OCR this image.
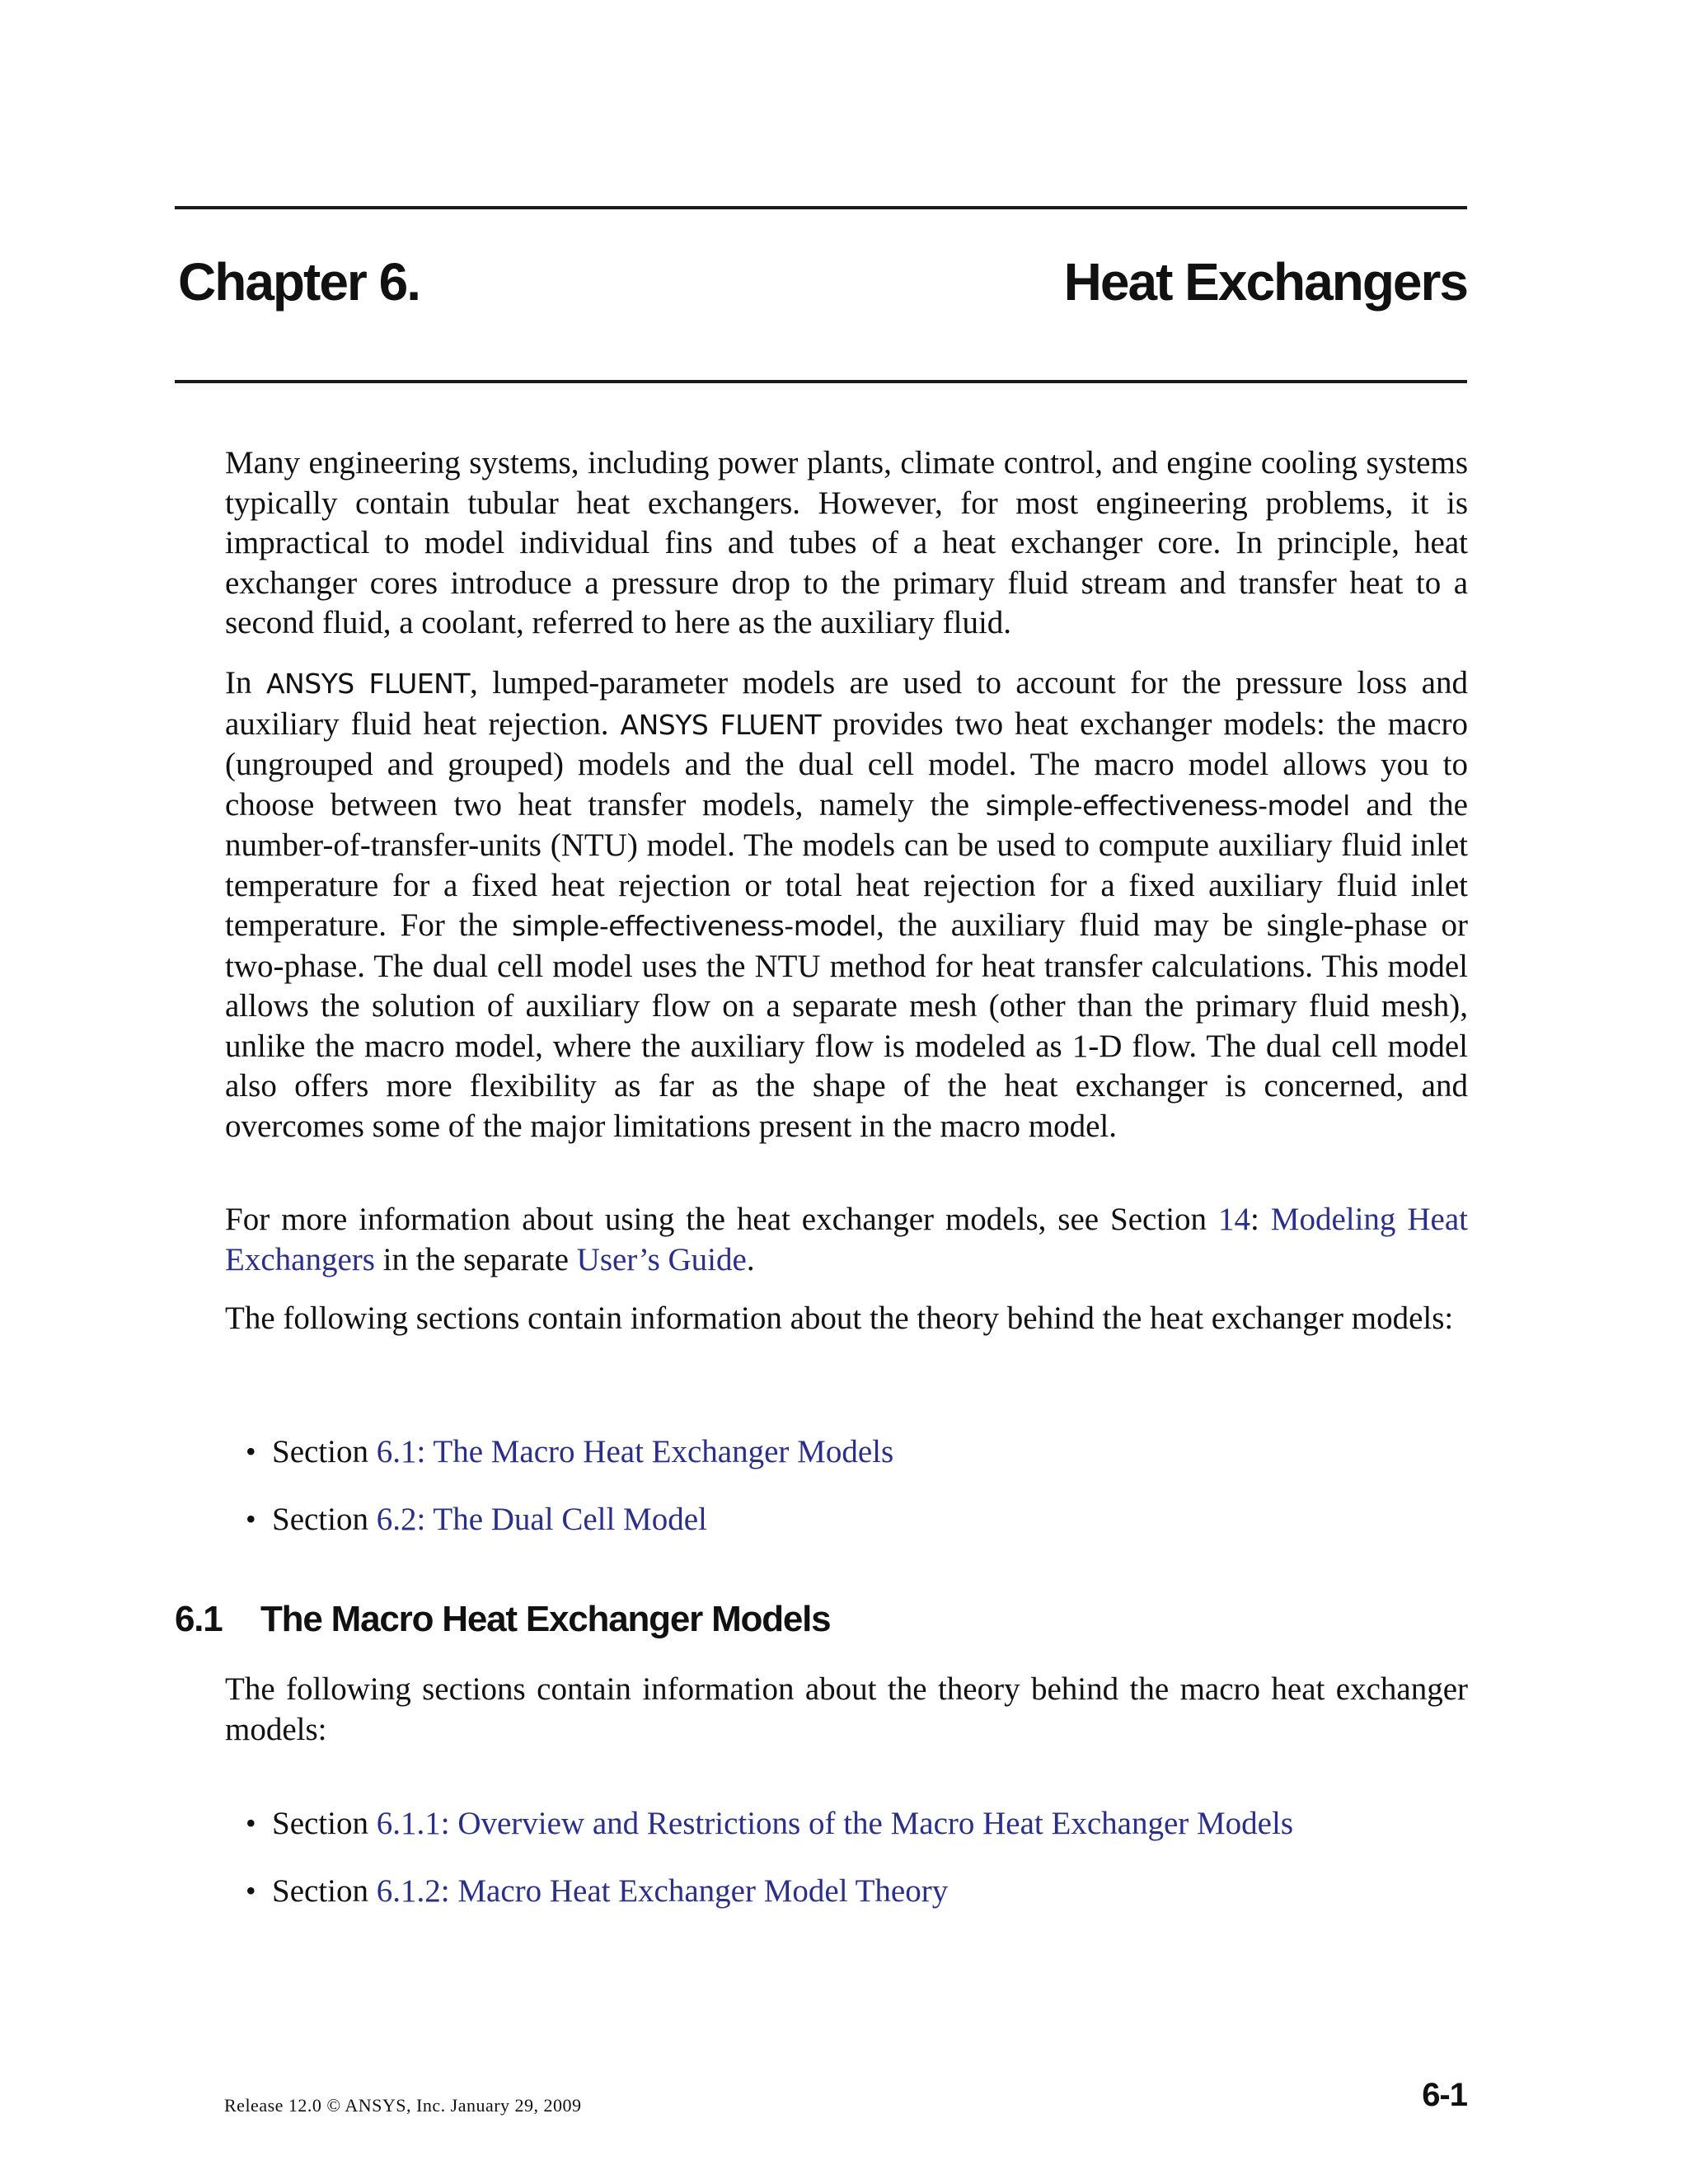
Chapter 6.	Heat Exchangers

Many engineering systems, including power plants, climate control, and engine cooling systems typically contain tubular heat exchangers. However, for most engineering problems, it is impractical to model individual fins and tubes of a heat exchanger core. In principle, heat exchanger cores introduce a pressure drop to the primary fluid stream and transfer heat to a second fluid, a coolant, referred to here as the auxiliary fluid.

In ANSYS FLUENT, lumped-parameter models are used to account for the pressure loss and auxiliary fluid heat rejection. ANSYS FLUENT provides two heat exchanger models: the macro (ungrouped and grouped) models and the dual cell model. The macro model allows you to choose between two heat transfer models, namely the simple-effectiveness-model and the number-of-transfer-units (NTU) model. The models can be used to compute auxiliary fluid inlet temperature for a fixed heat rejection or total heat rejection for a fixed auxiliary fluid inlet temperature. For the simple-effectiveness-model, the auxiliary fluid may be single-phase or two-phase. The dual cell model uses the NTU method for heat transfer calculations. This model allows the solution of auxiliary flow on a separate mesh (other than the primary fluid mesh), unlike the macro model, where the auxiliary flow is modeled as 1-D flow. The dual cell model also offers more flexibility as far as the shape of the heat exchanger is concerned, and overcomes some of the major limitations present in the macro model.

For more information about using the heat exchanger models, see Section 14: Modeling Heat Exchangers in the separate User’s Guide.

The following sections contain information about the theory behind the heat exchanger models:

• Section 6.1: The Macro Heat Exchanger Models
• Section 6.2: The Dual Cell Model
6.1 The Macro Heat Exchanger Models

The following sections contain information about the theory behind the macro heat exchanger models:

• Section 6.1.1: Overview and Restrictions of the Macro Heat Exchanger Models
• Section 6.1.2: Macro Heat Exchanger Model Theory
Release 12.0 © ANSYS, Inc. January 29, 2009	6-1
